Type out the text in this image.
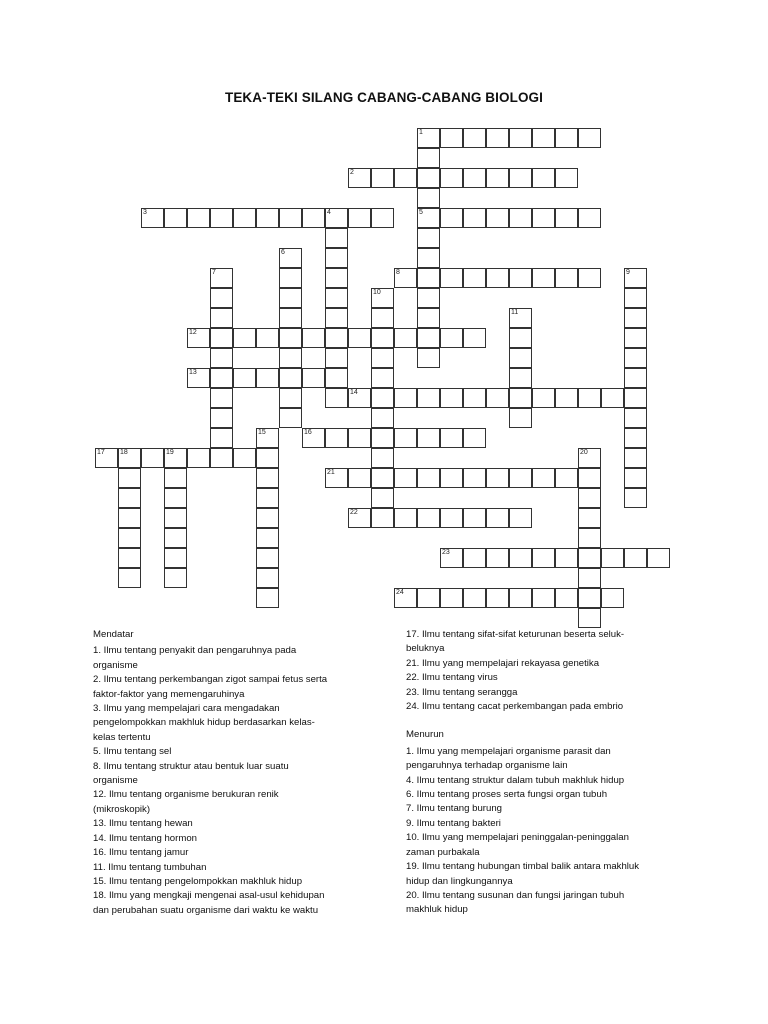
TEKA-TEKI SILANG CABANG-CABANG BIOLOGI
1
5
2
3	4
6
7	8	9
10
11
12
13
14
15	16
17 18	19	20
21
22
23
24

Mendatar

1. Ilmu tentang penyakit dan pengaruhnya pada organisme

2. Ilmu tentang perkembangan zigot sampai fetus serta faktor-faktor yang memengaruhinya

3. Ilmu yang mempelajari cara mengadakan pengelompokkan makhluk hidup berdasarkan kelas-kelas tertentu

5. Ilmu tentang sel

8. Ilmu tentang struktur atau bentuk luar suatu organisme

12. Ilmu tentang organisme berukuran renik (mikroskopik)

13. Ilmu tentang hewan

14. Ilmu tentang hormon

16. Ilmu tentang jamur

11. Ilmu tentang tumbuhan

15. Ilmu tentang pengelompokkan makhluk hidup

18. Ilmu yang mengkaji mengenai asal-usul kehidupan dan perubahan suatu organisme dari waktu ke waktu

17. Ilmu tentang sifat-sifat keturunan beserta seluk-beluknya

21. Ilmu yang mempelajari rekayasa genetika

22. Ilmu tentang virus

23. Ilmu tentang serangga

24. Ilmu tentang cacat perkembangan pada embrio

Menurun

1. Ilmu yang mempelajari organisme parasit dan pengaruhnya terhadap organisme lain

4. Ilmu tentang struktur dalam tubuh makhluk hidup

6. Ilmu tentang proses serta fungsi organ tubuh

7. Ilmu tentang burung

9. Ilmu tentang bakteri

10. Ilmu yang mempelajari peninggalan-peninggalan zaman purbakala

19. Ilmu tentang hubungan timbal balik antara makhluk hidup dan lingkungannya

20. Ilmu tentang susunan dan fungsi jaringan tubuh makhluk hidup
